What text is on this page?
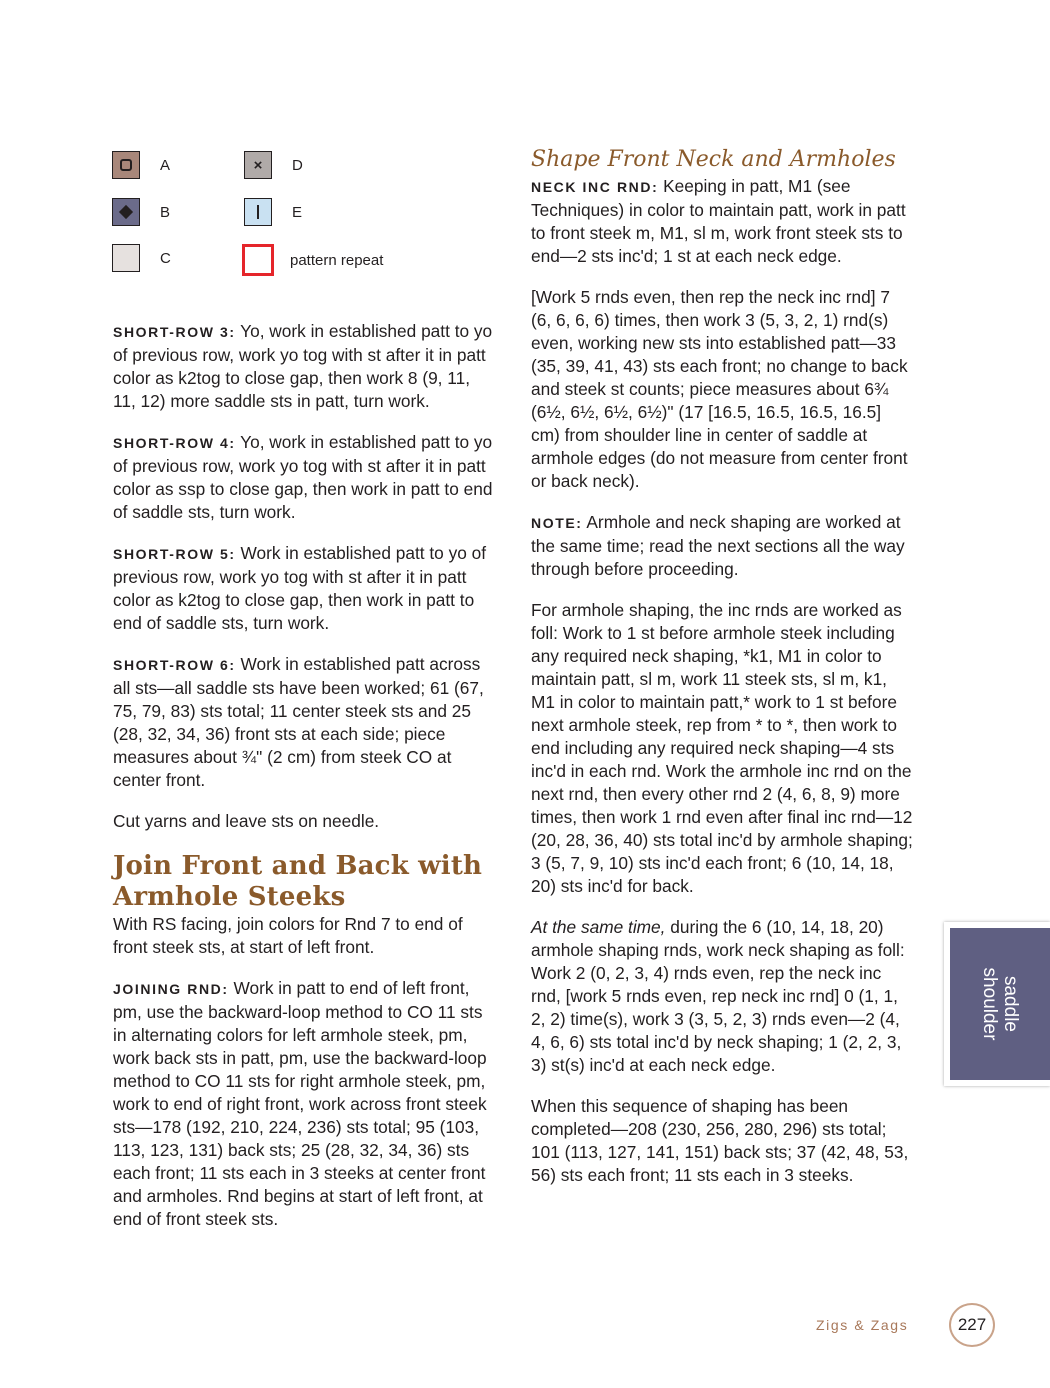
A
B
C
× D
E
pattern repeat

SHORT-ROW 3: Yo, work in established patt to yo of previous row, work yo tog with st after it in patt color as k2tog to close gap, then work 8 (9, 11, 11, 12) more saddle sts in patt, turn work.

SHORT-ROW 4: Yo, work in established patt to yo of previous row, work yo tog with st after it in patt color as ssp to close gap, then work in patt to end of saddle sts, turn work.

SHORT-ROW 5: Work in established patt to yo of previous row, work yo tog with st after it in patt color as k2tog to close gap, then work in patt to end of saddle sts, turn work.

SHORT-ROW 6: Work in established patt across all sts—all saddle sts have been worked; 61 (67, 75, 79, 83) sts total; 11 center steek sts and 25 (28, 32, 34, 36) front sts at each side; piece measures about ¾" (2 cm) from steek CO at center front.

Cut yarns and leave sts on needle.

Join Front and Back with Armhole Steeks

With RS facing, join colors for Rnd 7 to end of front steek sts, at start of left front.

JOINING RND: Work in patt to end of left front, pm, use the backward-loop method to CO 11 sts in alternating colors for left armhole steek, pm, work back sts in patt, pm, use the backward-loop method to CO 11 sts for right armhole steek, pm, work to end of right front, work across front steek sts—178 (192, 210, 224, 236) sts total; 95 (103, 113, 123, 131) back sts; 25 (28, 32, 34, 36) sts each front; 11 sts each in 3 steeks at center front and armholes. Rnd begins at start of left front, at end of front steek sts.

Shape Front Neck and Armholes

NECK INC RND: Keeping in patt, M1 (see Techniques) in color to maintain patt, work in patt to front steek m, M1, sl m, work front steek sts to end—2 sts inc'd; 1 st at each neck edge.

[Work 5 rnds even, then rep the neck inc rnd] 7 (6, 6, 6, 6) times, then work 3 (5, 3, 2, 1) rnd(s) even, working new sts into established patt—33 (35, 39, 41, 43) sts each front; no change to back and steek st counts; piece measures about 6¾ (6½, 6½, 6½, 6½)" (17 [16.5, 16.5, 16.5, 16.5] cm) from shoulder line in center of saddle at armhole edges (do not measure from center front or back neck).

NOTE: Armhole and neck shaping are worked at the same time; read the next sections all the way through before proceeding.

For armhole shaping, the inc rnds are worked as foll: Work to 1 st before armhole steek including any required neck shaping, *k1, M1 in color to maintain patt, sl m, work 11 steek sts, sl m, k1, M1 in color to maintain patt,* work to 1 st before next armhole steek, rep from * to *, then work to end including any required neck shaping—4 sts inc'd in each rnd. Work the armhole inc rnd on the next rnd, then every other rnd 2 (4, 6, 8, 9) more times, then work 1 rnd even after final inc rnd—12 (20, 28, 36, 40) sts total inc'd by armhole shaping; 3 (5, 7, 9, 10) sts inc'd each front; 6 (10, 14, 18, 20) sts inc'd for back.

At the same time, during the 6 (10, 14, 18, 20) armhole shaping rnds, work neck shaping as foll: Work 2 (0, 2, 3, 4) rnds even, rep the neck inc rnd, [work 5 rnds even, rep neck inc rnd] 0 (1, 1, 2, 2) time(s), work 3 (3, 5, 2, 3) rnds even—2 (4, 4, 6, 6) sts total inc'd by neck shaping; 1 (2, 2, 3, 3) st(s) inc'd at each neck edge.

When this sequence of shaping has been completed—208 (230, 256, 280, 296) sts total; 101 (113, 127, 141, 151) back sts; 37 (42, 48, 53, 56) sts each front; 11 sts each in 3 steeks.

saddle
shoulder
Zigs & Zags	227
